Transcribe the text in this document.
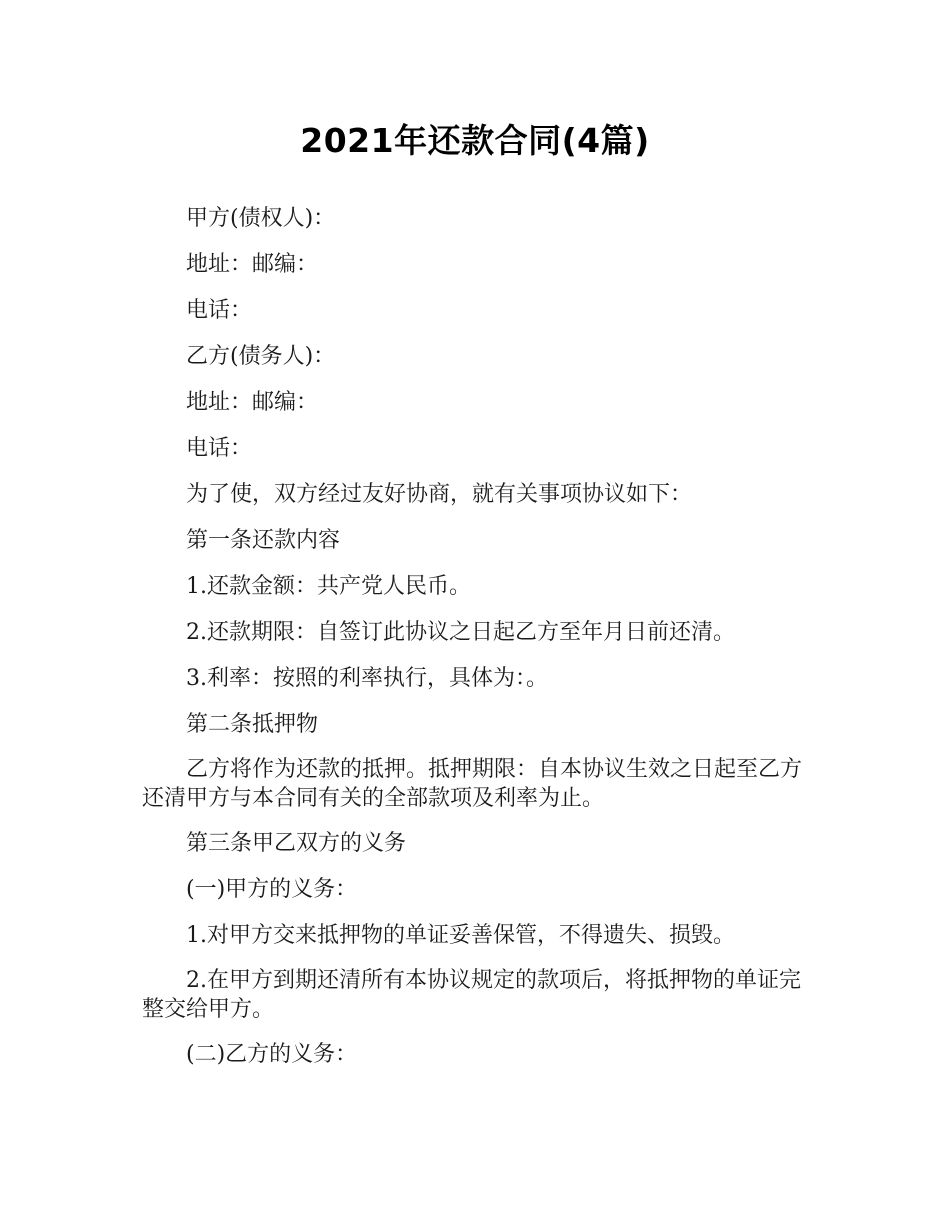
2021年还款合同(4篇)

甲方(债权人)：

地址：邮编：

电话：

乙方(债务人)：

地址：邮编：

电话：

为了使，双方经过友好协商，就有关事项协议如下：

第一条还款内容

1.还款金额：共产党人民币。

2.还款期限：自签订此协议之日起乙方至年月日前还清。

3.利率：按照的利率执行，具体为：。

第二条抵押物

乙方将作为还款的抵押。抵押期限：自本协议生效之日起至乙方还清甲方与本合同有关的全部款项及利率为止。

第三条甲乙双方的义务

(一)甲方的义务：

1.对甲方交来抵押物的单证妥善保管，不得遗失、损毁。

2.在甲方到期还清所有本协议规定的款项后，将抵押物的单证完整交给甲方。

(二)乙方的义务：
